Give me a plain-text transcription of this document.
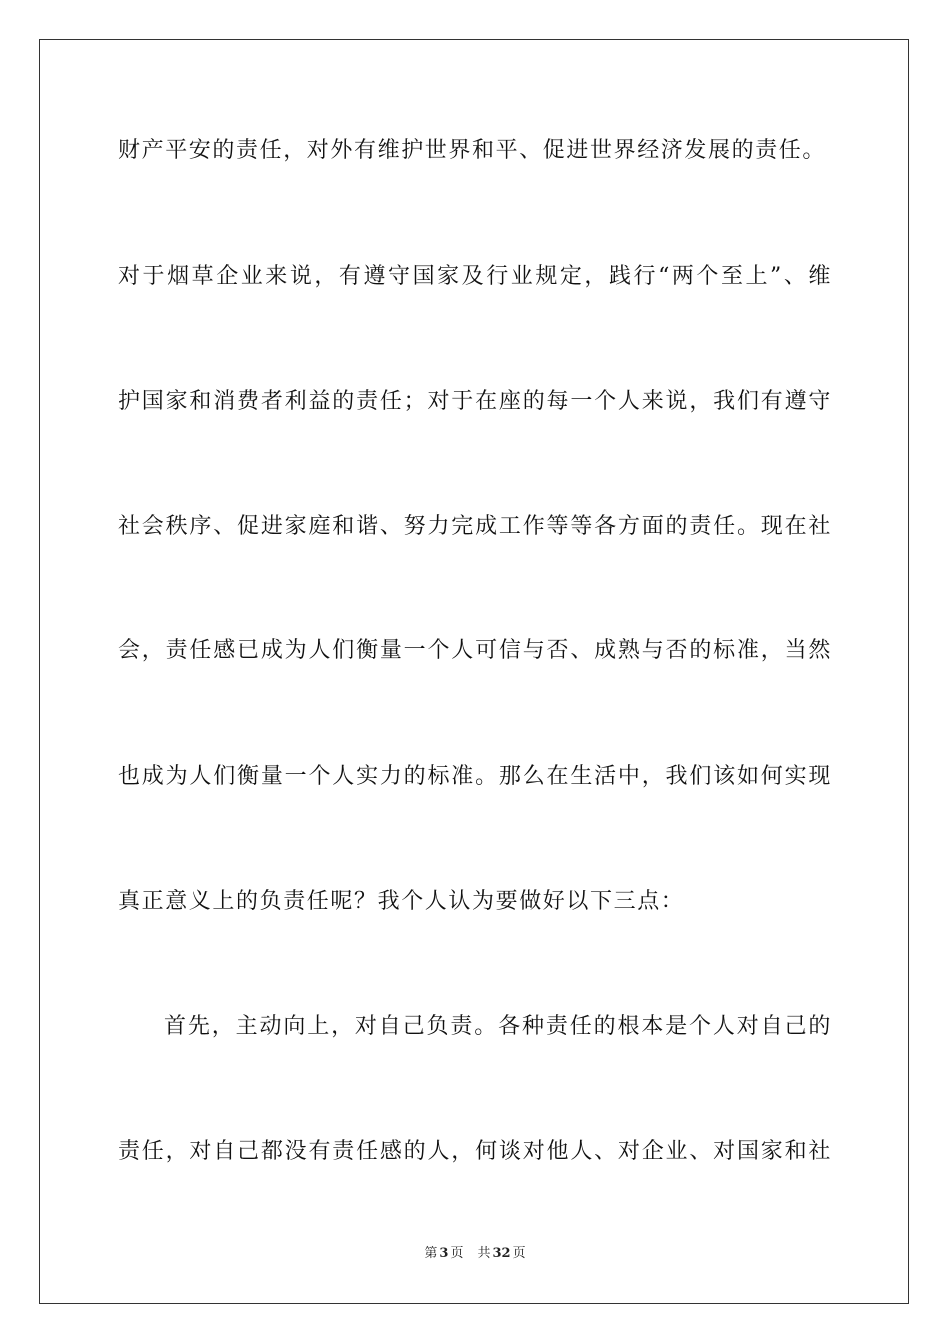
财产平安的责任，对外有维护世界和平、促进世界经济发展的责任。
对于烟草企业来说，有遵守国家及行业规定，践行“两个至上”、维
护国家和消费者利益的责任；对于在座的每一个人来说，我们有遵守
社会秩序、促进家庭和谐、努力完成工作等等各方面的责任。现在社
会，责任感已成为人们衡量一个人可信与否、成熟与否的标准，当然
也成为人们衡量一个人实力的标准。那么在生活中，我们该如何实现
真正意义上的负责任呢？我个人认为要做好以下三点：
首先，主动向上，对自己负责。各种责任的根本是个人对自己的
责任，对自己都没有责任感的人，何谈对他人、对企业、对国家和社
第 3 页 共 32 页
